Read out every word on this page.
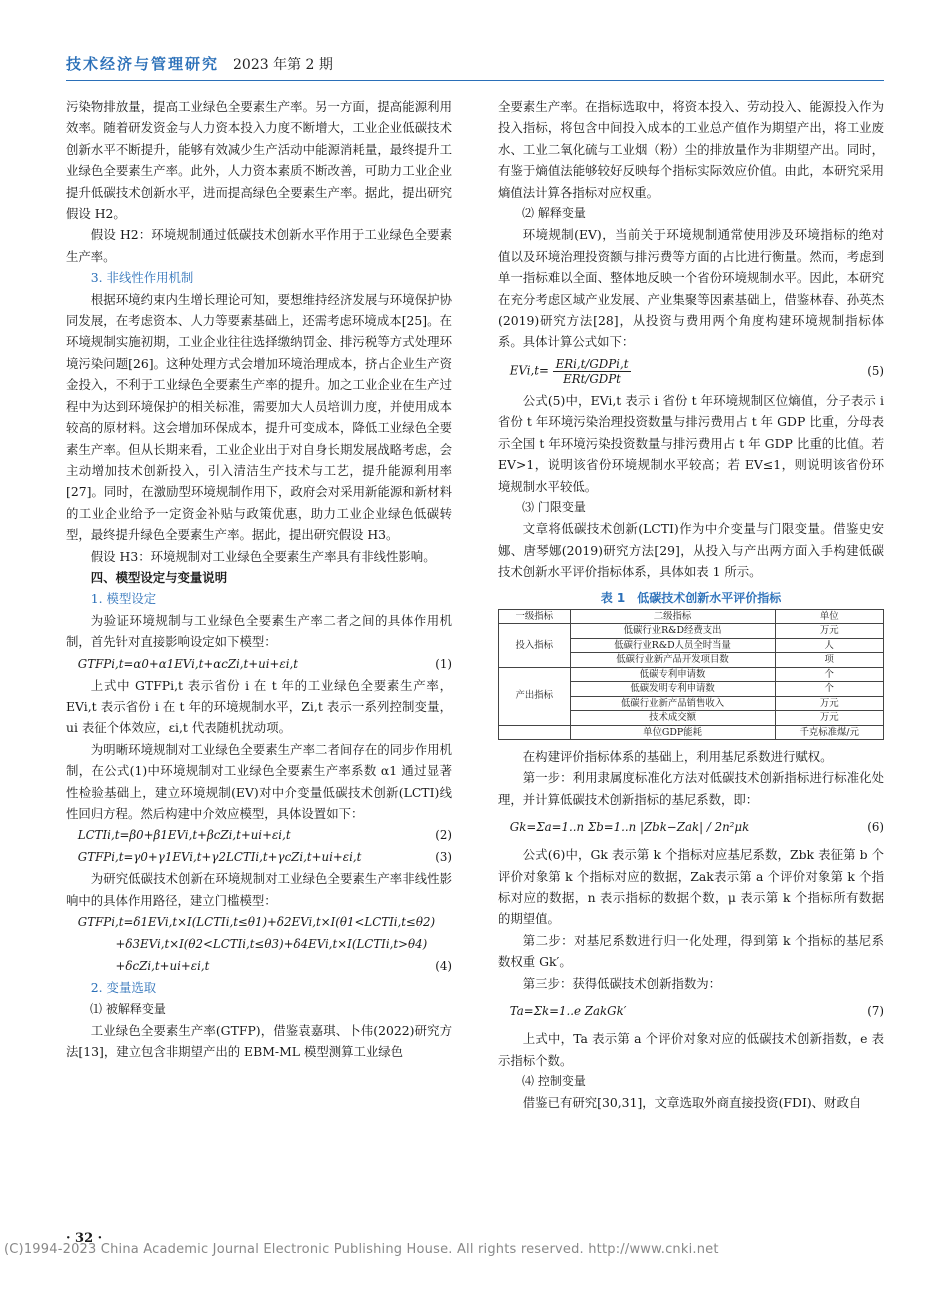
技术经济与管理研究 2023 年第 2 期

污染物排放量，提高工业绿色全要素生产率。另一方面，提高能源利用效率。随着研发资金与人力资本投入力度不断增大，工业企业低碳技术创新水平不断提升，能够有效减少生产活动中能源消耗量，最终提升工业绿色全要素生产率。此外，人力资本素质不断改善，可助力工业企业提升低碳技术创新水平，进而提高绿色全要素生产率。据此，提出研究假设 H2。

假设 H2：环境规制通过低碳技术创新水平作用于工业绿色全要素生产率。

3. 非线性作用机制

根据环境约束内生增长理论可知，要想维持经济发展与环境保护协同发展，在考虑资本、人力等要素基础上，还需考虑环境成本[25]。在环境规制实施初期，工业企业往往选择缴纳罚金、排污税等方式处理环境污染问题[26]。这种处理方式会增加环境治理成本，挤占企业生产资金投入，不利于工业绿色全要素生产率的提升。加之工业企业在生产过程中为达到环境保护的相关标准，需要加大人员培训力度，并使用成本较高的原材料。这会增加环保成本，提升可变成本，降低工业绿色全要素生产率。但从长期来看，工业企业出于对自身长期发展战略考虑，会主动增加技术创新投入，引入清洁生产技术与工艺，提升能源利用率[27]。同时，在激励型环境规制作用下，政府会对采用新能源和新材料的工业企业给予一定资金补贴与政策优惠，助力工业企业绿色低碳转型，最终提升绿色全要素生产率。据此，提出研究假设 H3。

假设 H3：环境规制对工业绿色全要素生产率具有非线性影响。

四、模型设定与变量说明
1. 模型设定

为验证环境规制与工业绿色全要素生产率二者之间的具体作用机制，首先针对直接影响设定如下模型：

GTFPi,t=α0+α1EVi,t+αcZi,t+ui+εi,t	(1)

上式中 GTFPi,t 表示省份 i 在 t 年的工业绿色全要素生产率，EVi,t 表示省份 i 在 t 年的环境规制水平，Zi,t 表示一系列控制变量，ui 表征个体效应，εi,t 代表随机扰动项。

为明晰环境规制对工业绿色全要素生产率二者间存在的同步作用机制，在公式(1)中环境规制对工业绿色全要素生产率系数 α1 通过显著性检验基础上，建立环境规制(EV)对中介变量低碳技术创新(LCTI)线性回归方程。然后构建中介效应模型，具体设置如下：

LCTIi,t=β0+β1EVi,t+βcZi,t+ui+εi,t	(2)
GTFPi,t=γ0+γ1EVi,t+γ2LCTIi,t+γcZi,t+ui+εi,t	(3)

为研究低碳技术创新在环境规制对工业绿色全要素生产率非线性影响中的具体作用路径，建立门槛模型：

GTFPi,t=δ1EVi,t×I(LCTIi,t≤θ1)+δ2EVi,t×I(θ1<LCTIi,t≤θ2)
+δ3EVi,t×I(θ2<LCTIi,t≤θ3)+δ4EVi,t×I(LCTIi,t>θ4)
+δcZi,t+ui+εi,t	(4)
2. 变量选取
⑴ 被解释变量

工业绿色全要素生产率(GTFP)，借鉴袁嘉琪、卜伟(2022)研究方法[13]，建立包含非期望产出的 EBM-ML 模型测算工业绿色

全要素生产率。在指标选取中，将资本投入、劳动投入、能源投入作为投入指标，将包含中间投入成本的工业总产值作为期望产出，将工业废水、工业二氧化硫与工业烟（粉）尘的排放量作为非期望产出。同时，有鉴于熵值法能够较好反映每个指标实际效应价值。由此，本研究采用熵值法计算各指标对应权重。

⑵ 解释变量

环境规制(EV)，当前关于环境规制通常使用涉及环境指标的绝对值以及环境治理投资额与排污费等方面的占比进行衡量。然而，考虑到单一指标难以全面、整体地反映一个省份环境规制水平。因此，本研究在充分考虑区域产业发展、产业集聚等因素基础上，借鉴林春、孙英杰(2019)研究方法[28]，从投资与费用两个角度构建环境规制指标体系。具体计算公式如下：

EVi,t= ERi,t/GDPi,t
ERt/GDPt
(5)

公式(5)中，EVi,t 表示 i 省份 t 年环境规制区位熵值，分子表示 i 省份 t 年环境污染治理投资数量与排污费用占 t 年 GDP 比重，分母表示全国 t 年环境污染投资数量与排污费用占 t 年 GDP 比重的比值。若 EV>1，说明该省份环境规制水平较高；若 EV≤1，则说明该省份环境规制水平较低。

⑶ 门限变量

文章将低碳技术创新(LCTI)作为中介变量与门限变量。借鉴史安娜、唐琴娜(2019)研究方法[29]，从投入与产出两方面入手构建低碳技术创新水平评价指标体系，具体如表 1 所示。

表 1　低碳技术创新水平评价指标
一级指标	二级指标	单位
投入指标	低碳行业R&D经费支出	万元
	低碳行业R&D人员全时当量	人
	低碳行业新产品开发项目数	项
产出指标	低碳专利申请数	个
	低碳发明专利申请数	个
	低碳行业新产品销售收入	万元
	技术成交额	万元
	单位GDP能耗	千克标准煤/元

在构建评价指标体系的基础上，利用基尼系数进行赋权。

第一步：利用隶属度标准化方法对低碳技术创新指标进行标准化处理，并计算低碳技术创新指标的基尼系数，即：

Gk=Σa=1..n Σb=1..n |Zbk−Zak| / 2n²μk	(6)

公式(6)中，Gk 表示第 k 个指标对应基尼系数，Zbk 表征第 b 个评价对象第 k 个指标对应的数据，Zak表示第 a 个评价对象第 k 个指标对应的数据，n 表示指标的数据个数，μ 表示第 k 个指标所有数据的期望值。

第二步：对基尼系数进行归一化处理，得到第 k 个指标的基尼系数权重 Gk′。

第三步：获得低碳技术创新指数为：

Ta=Σk=1..e ZakGk′	(7)

上式中，Ta 表示第 a 个评价对象对应的低碳技术创新指数，e 表示指标个数。

⑷ 控制变量

借鉴已有研究[30,31]，文章选取外商直接投资(FDI)、财政自

· 32 ·
(C)1994-2023 China Academic Journal Electronic Publishing House. All rights reserved. http://www.cnki.net
